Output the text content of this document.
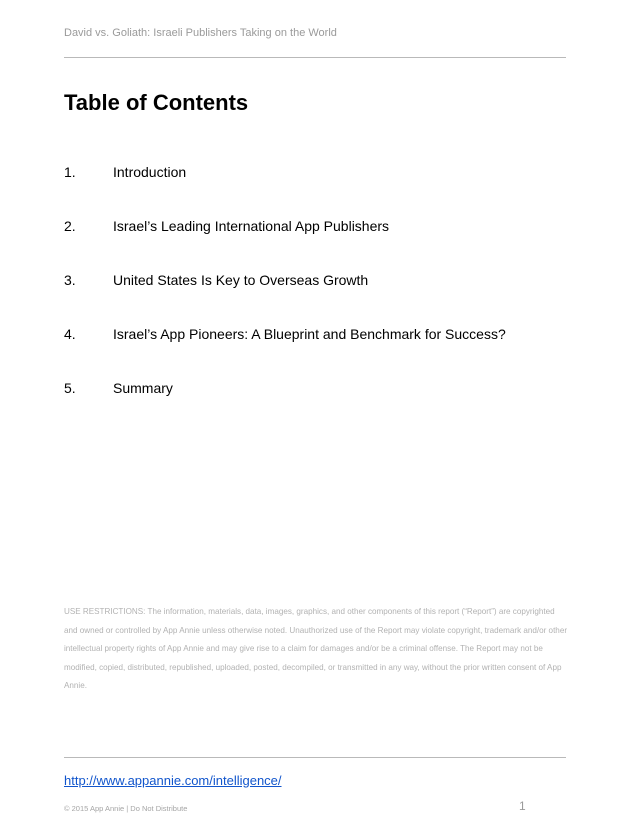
David vs. Goliath: Israeli Publishers Taking on the World
Table of Contents
1.	Introduction
2.	Israel’s Leading International App Publishers
3.	United States Is Key to Overseas Growth
4.	Israel’s App Pioneers: A Blueprint and Benchmark for Success?
5.	Summary

USE RESTRICTIONS: The information, materials, data, images, graphics, and other components of this report (“Report”) are copyrighted and owned or controlled by App Annie unless otherwise noted. Unauthorized use of the Report may violate copyright, trademark and/or other intellectual property rights of App Annie and may give rise to a claim for damages and/or be a criminal offense. The Report may not be modified, copied, distributed, republished, uploaded, posted, decompiled, or transmitted in any way, without the prior written consent of App Annie.

http://www.appannie.com/intelligence/
© 2015 App Annie | Do Not Distribute	1
